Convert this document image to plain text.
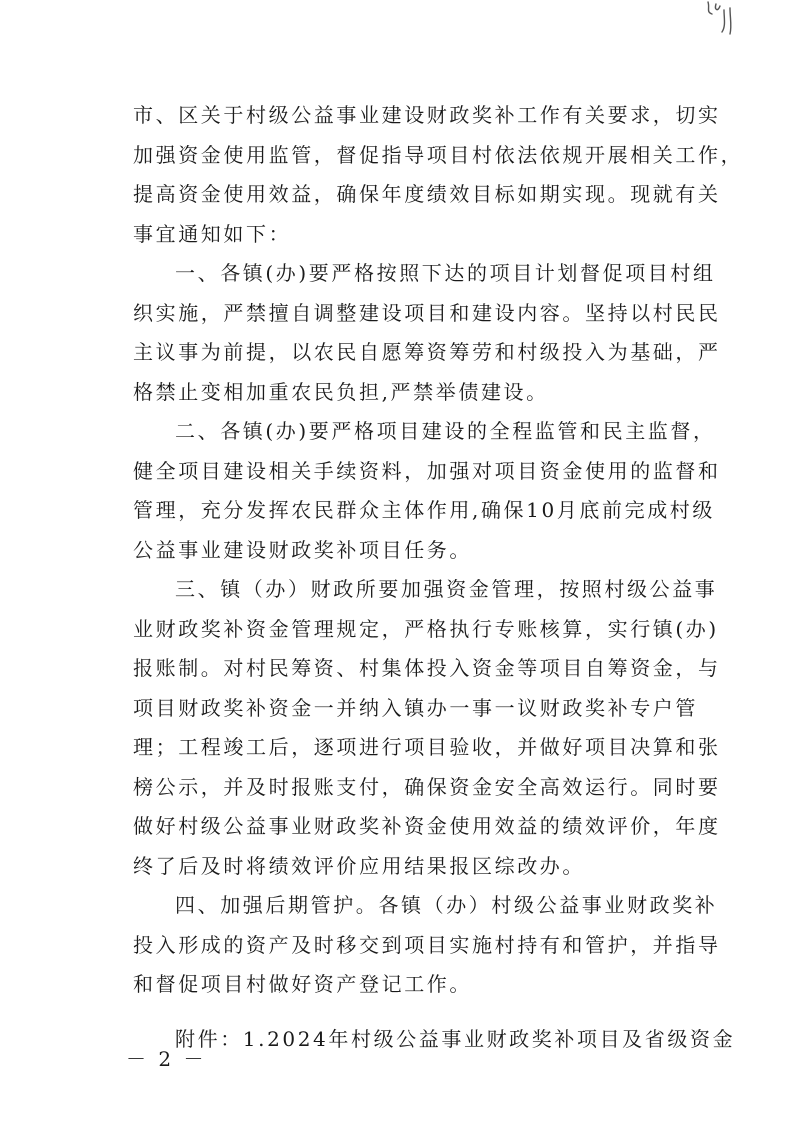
市、区关于村级公益事业建设财政奖补工作有关要求，切实
加强资金使用监管，督促指导项目村依法依规开展相关工作，
提高资金使用效益，确保年度绩效目标如期实现。现就有关
事宜通知如下：
一、各镇(办)要严格按照下达的项目计划督促项目村组
织实施，严禁擅自调整建设项目和建设内容。坚持以村民民
主议事为前提，以农民自愿筹资筹劳和村级投入为基础，严
格禁止变相加重农民负担,严禁举债建设。
二、各镇(办)要严格项目建设的全程监管和民主监督，
健全项目建设相关手续资料，加强对项目资金使用的监督和
管理，充分发挥农民群众主体作用,确保10月底前完成村级
公益事业建设财政奖补项目任务。
三、镇（办）财政所要加强资金管理，按照村级公益事
业财政奖补资金管理规定，严格执行专账核算，实行镇(办)
报账制。对村民筹资、村集体投入资金等项目自筹资金，与
项目财政奖补资金一并纳入镇办一事一议财政奖补专户管
理；工程竣工后，逐项进行项目验收，并做好项目决算和张
榜公示，并及时报账支付，确保资金安全高效运行。同时要
做好村级公益事业财政奖补资金使用效益的绩效评价，年度
终了后及时将绩效评价应用结果报区综改办。
四、加强后期管护。各镇（办）村级公益事业财政奖补
投入形成的资产及时移交到项目实施村持有和管护，并指导
和督促项目村做好资产登记工作。
附件：1.2024年村级公益事业财政奖补项目及省级资金
－ 2 －
